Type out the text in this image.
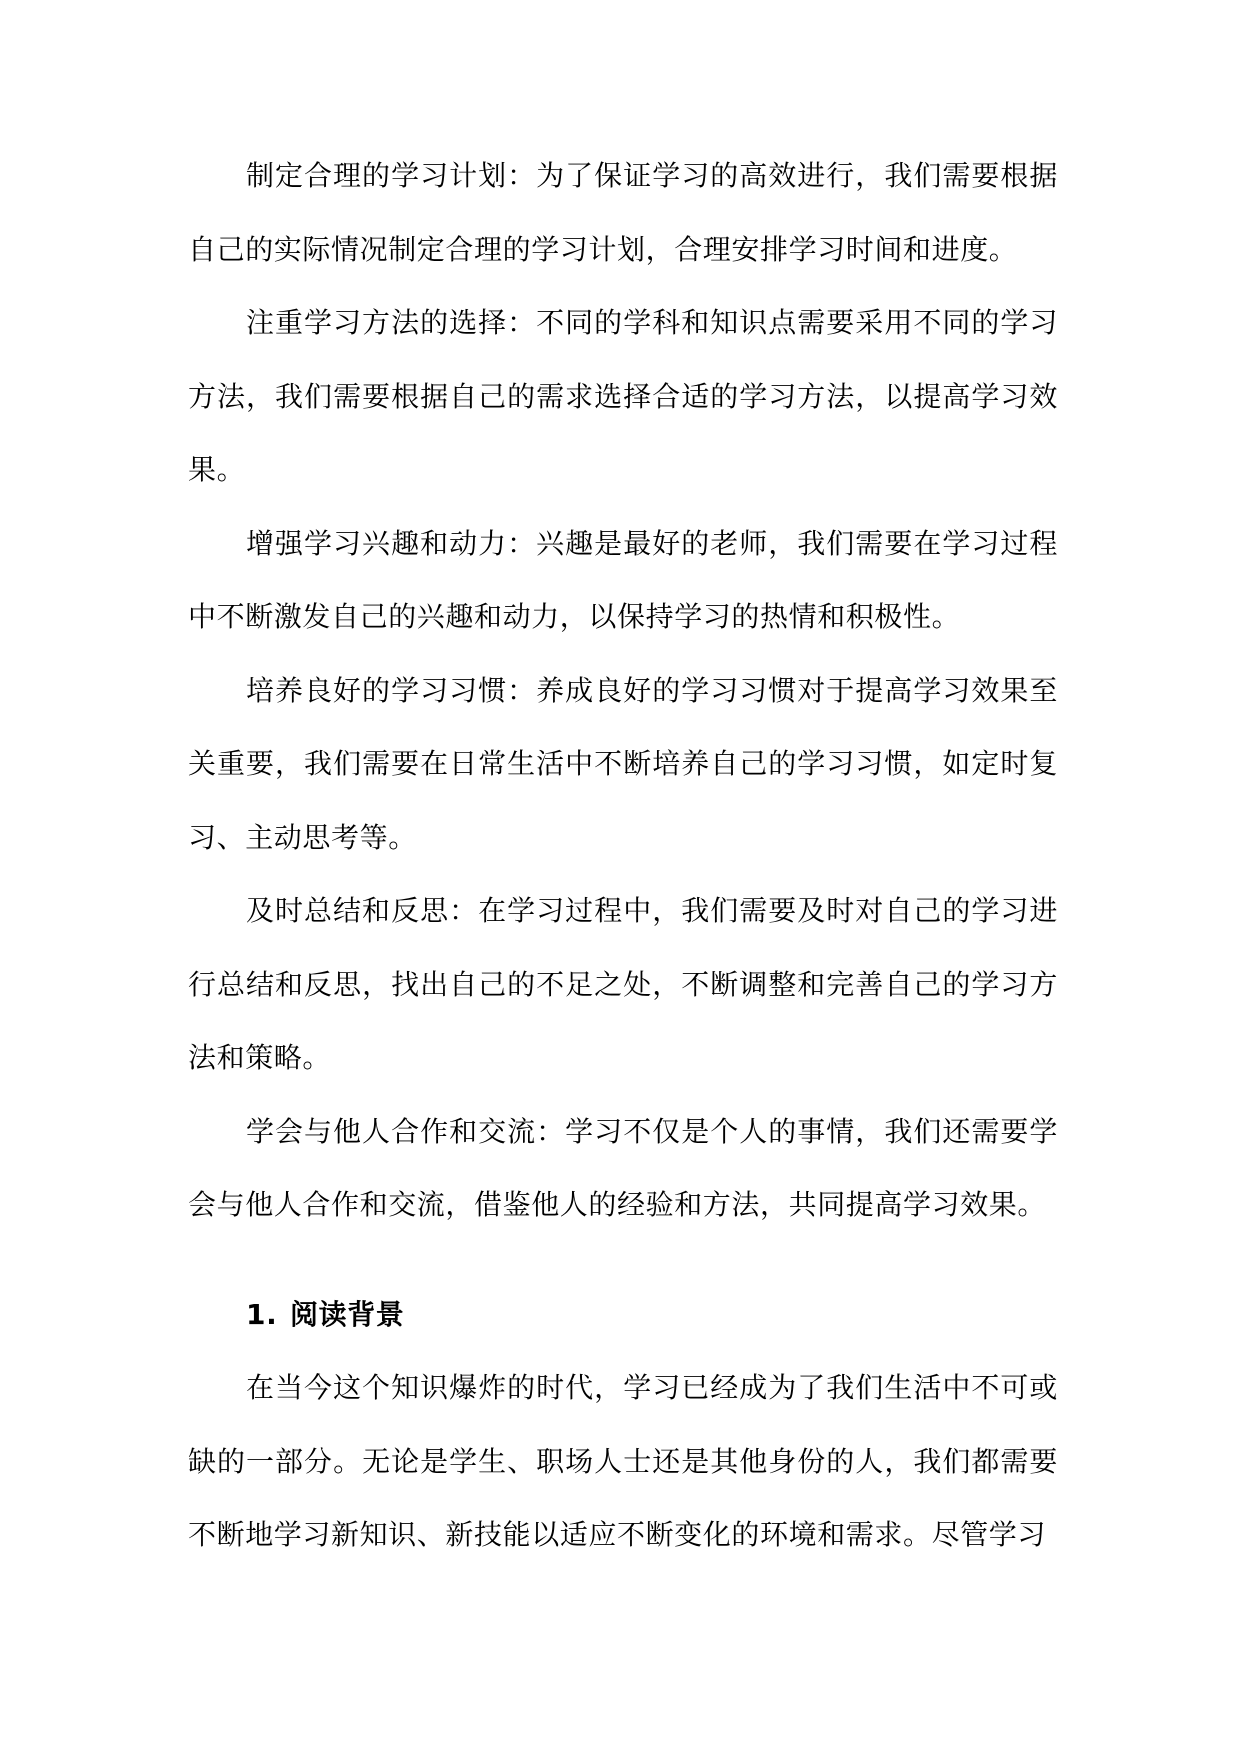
制定合理的学习计划：为了保证学习的高效进行，我们需要根据自己的实际情况制定合理的学习计划，合理安排学习时间和进度。

注重学习方法的选择：不同的学科和知识点需要采用不同的学习方法，我们需要根据自己的需求选择合适的学习方法，以提高学习效果。

增强学习兴趣和动力：兴趣是最好的老师，我们需要在学习过程中不断激发自己的兴趣和动力，以保持学习的热情和积极性。

培养良好的学习习惯：养成良好的学习习惯对于提高学习效果至关重要，我们需要在日常生活中不断培养自己的学习习惯，如定时复习、主动思考等。

及时总结和反思：在学习过程中，我们需要及时对自己的学习进行总结和反思，找出自己的不足之处，不断调整和完善自己的学习方法和策略。

学会与他人合作和交流：学习不仅是个人的事情，我们还需要学会与他人合作和交流，借鉴他人的经验和方法，共同提高学习效果。

1. 阅读背景

在当今这个知识爆炸的时代，学习已经成为了我们生活中不可或缺的一部分。无论是学生、职场人士还是其他身份的人，我们都需要不断地学习新知识、新技能以适应不断变化的环境和需求。尽管学习
